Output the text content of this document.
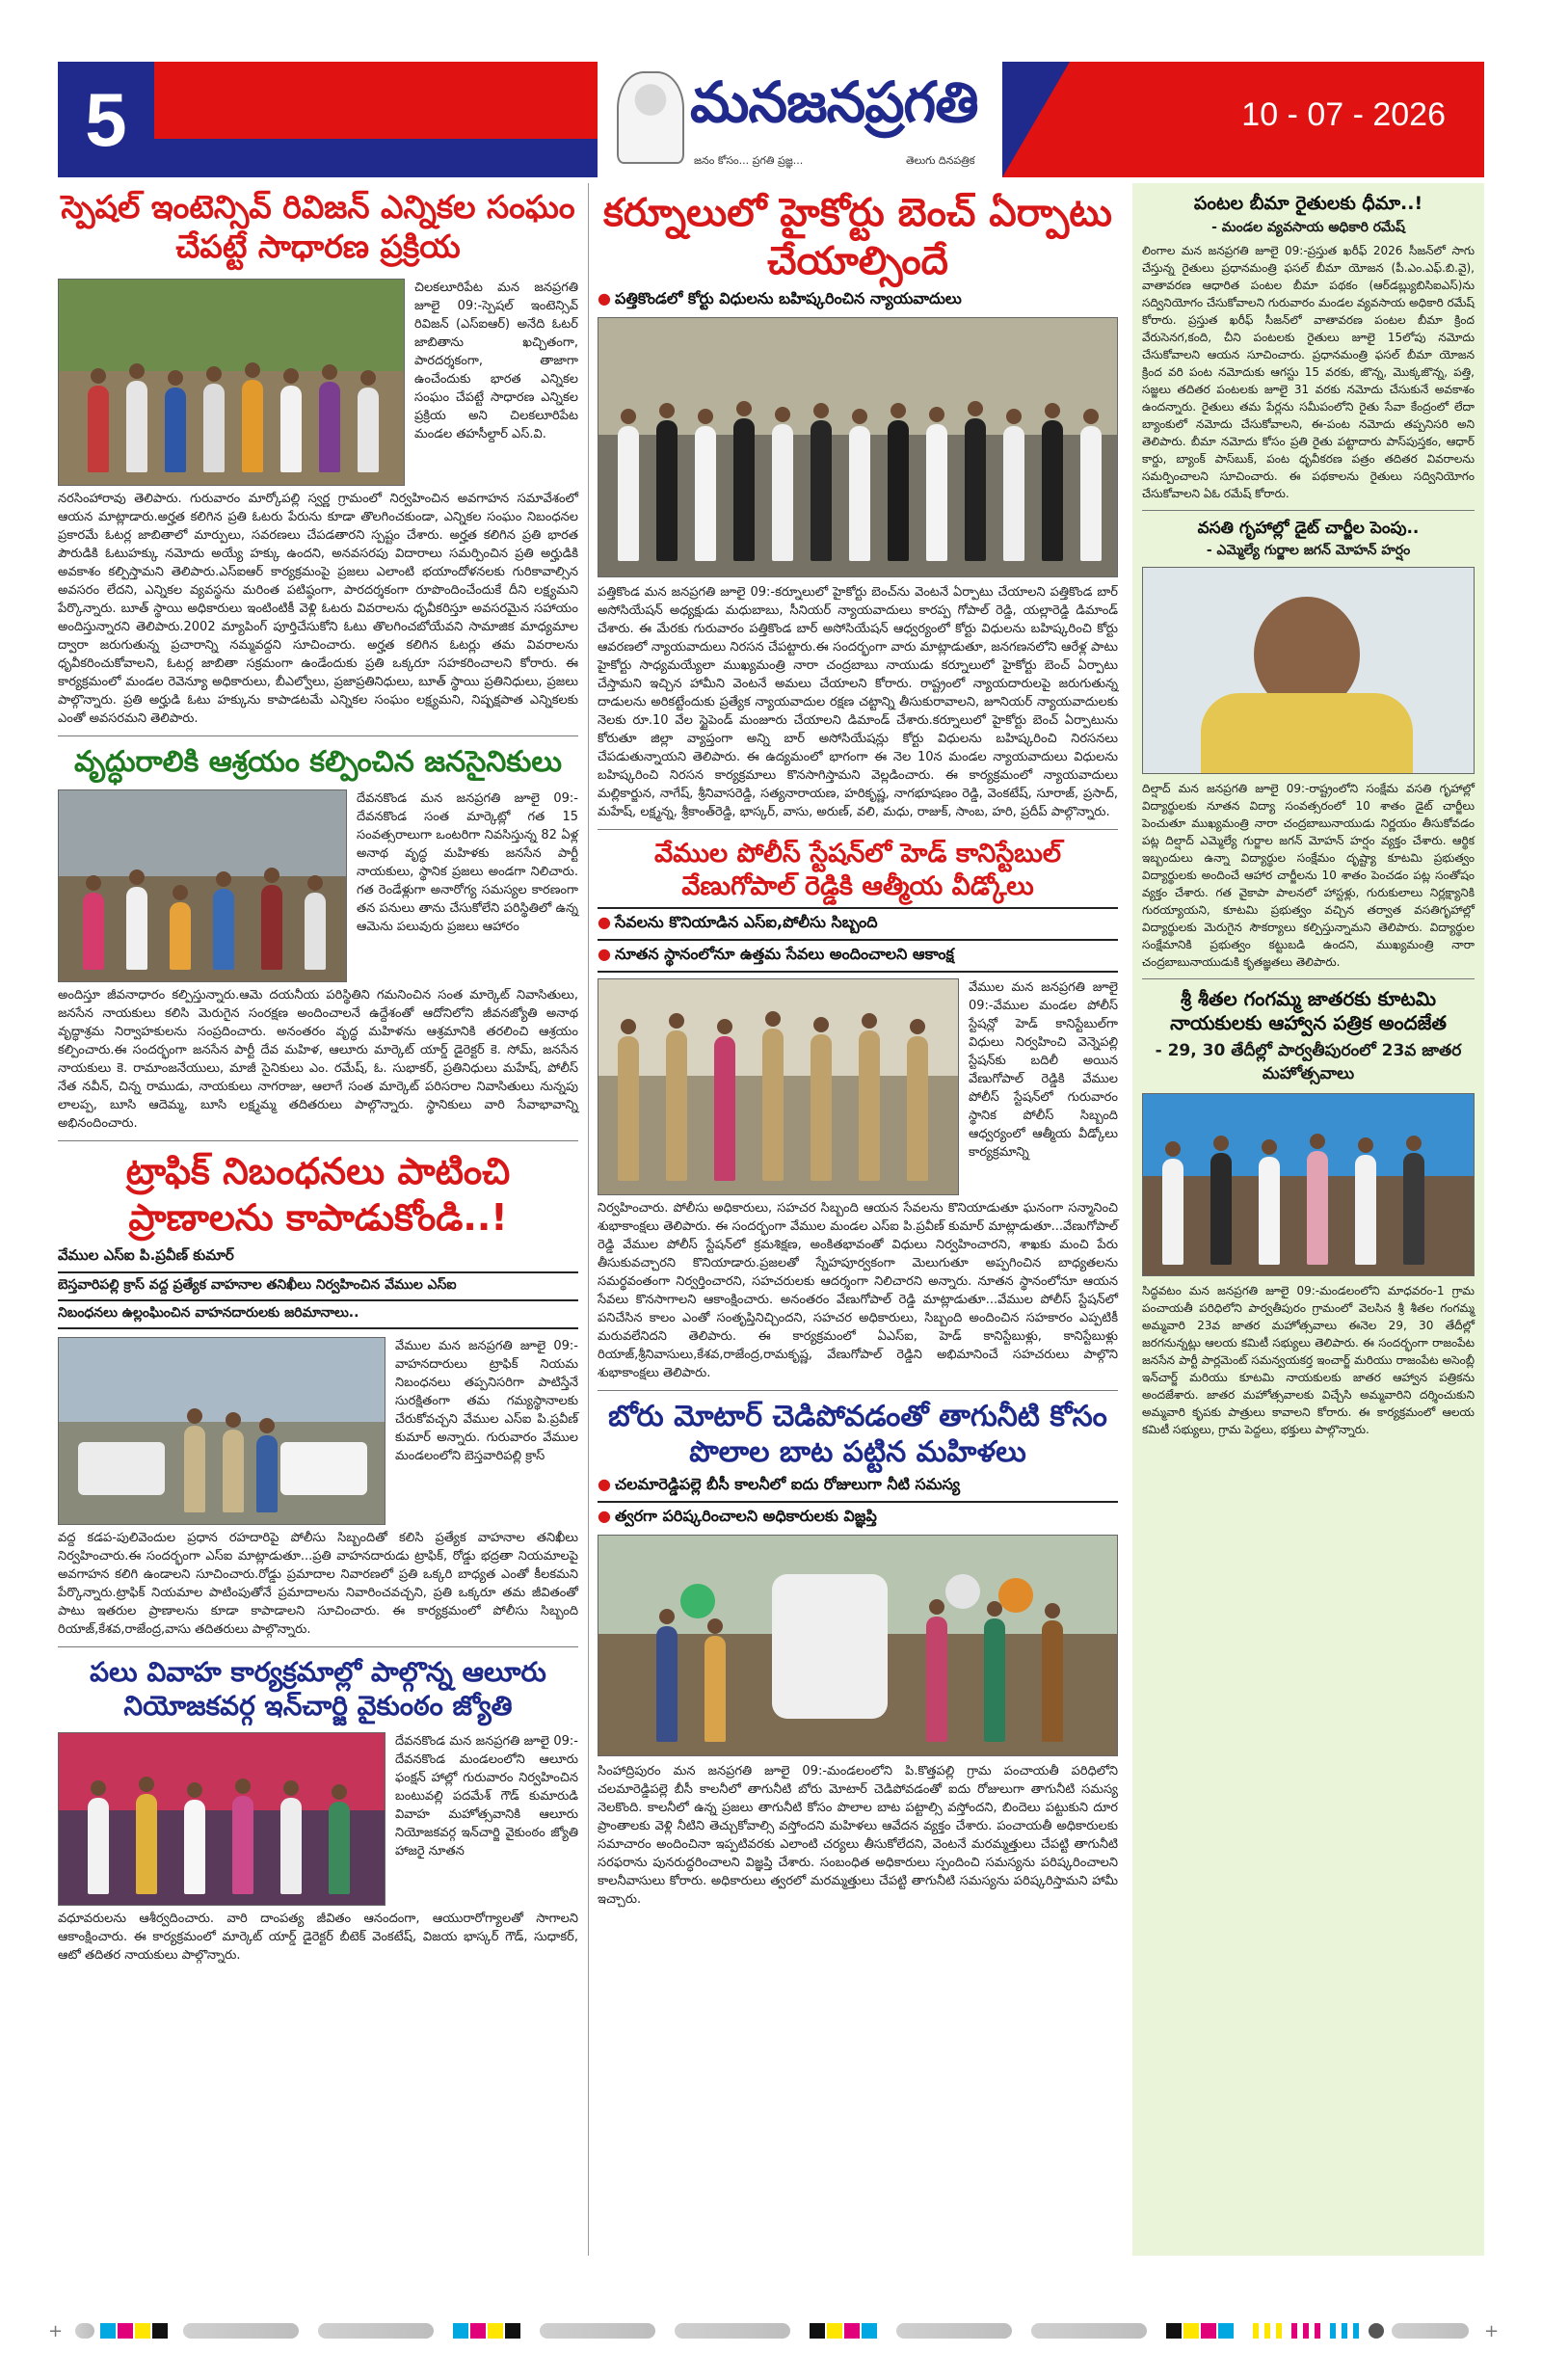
5	10 - 07 - 2026
మనజనప్రగతి
జనం కోసం... ప్రగతి ప్రజ్ఞ...	తెలుగు దినపత్రిక
స్పెషల్ ఇంటెన్సివ్ రివిజన్ ఎన్నికల సంఘం చేపట్టే సాధారణ ప్రక్రియ
చిలకలూరిపేట మన జనప్రగతి జూలై 09:-స్పెషల్ ఇంటెన్సివ్ రివిజన్ (ఎస్ఐఆర్) అనేది ఓటర్ జాబితాను ఖచ్చితంగా, పారదర్శకంగా, తాజాగా ఉంచేందుకు భారత ఎన్నికల సంఘం చేపట్టే సాధారణ ఎన్నికల ప్రక్రియ అని చిలకలూరిపేట మండల తహసీల్దార్ ఎస్.వి.
నరసింహారావు తెలిపారు. గురువారం మార్కోపల్లి స్వర్ణ గ్రామంలో నిర్వహించిన అవగాహన సమావేశంలో ఆయన మాట్లాడారు.అర్హత కలిగిన ప్రతి ఓటరు పేరును కూడా తొలగించకుండా, ఎన్నికల సంఘం నిబంధనల ప్రకారమే ఓటర్ల జాబితాలో మార్పులు, సవరణలు చేపడతారని స్పష్టం చేశారు. అర్హత కలిగిన ప్రతి భారత పౌరుడికి ఓటుహక్కు నమోదు అయ్యే హక్కు ఉందని, అనవసరపు విదారాలు సమర్పించిన ప్రతి అర్హుడికి అవకాశం కల్పిస్తామని తెలిపారు.ఎస్ఐఆర్ కార్యక్రమంపై ప్రజలు ఎలాంటి భయాందోళనలకు గురికావాల్సిన అవసరం లేదని, ఎన్నికల వ్యవస్థను మరింత పటిష్ఠంగా, పారదర్శకంగా రూపొందించేందుకే దీని లక్ష్యమని పేర్కొన్నారు. బూత్ స్థాయి అధికారులు ఇంటింటికీ వెళ్లి ఓటరు వివరాలను ధృవీకరిస్తూ అవసరమైన సహాయం అందిస్తున్నారని తెలిపారు.2002 మ్యాపింగ్ పూర్తిచేసుకోని ఓటు తొలగించబోయేవని సామాజిక మాధ్యమాల ద్వారా జరుగుతున్న ప్రచారాన్ని నమ్మవద్దని సూచించారు. అర్హత కలిగిన ఓటర్లు తమ వివరాలను ధృవీకరించుకోవాలని, ఓటర్ల జాబితా సక్రమంగా ఉండేందుకు ప్రతి ఒక్కరూ సహకరించాలని కోరారు. ఈ కార్యక్రమంలో మండల రెవెన్యూ అధికారులు, బీఎల్వోలు, ప్రజాప్రతినిధులు, బూత్ స్థాయి ప్రతినిధులు, ప్రజలు పాల్గొన్నారు. ప్రతి అర్హుడి ఓటు హక్కును కాపాడటమే ఎన్నికల సంఘం లక్ష్యమని, నిష్పక్షపాత ఎన్నికలకు ఎంతో అవసరమని తెలిపారు.
వృద్ధురాలికి ఆశ్రయం కల్పించిన జనసైనికులు
దేవనకొండ మన జనప్రగతి జూలై 09:-దేవనకొండ సంత మార్కెట్లో గత 15 సంవత్సరాలుగా ఒంటరిగా నివసిస్తున్న 82 ఏళ్ల అనాథ వృద్ధ మహిళకు జనసేన పార్టీ నాయకులు, స్థానిక ప్రజలు అండగా నిలిచారు. గత రెండేళ్లుగా అనారోగ్య సమస్యల కారణంగా తన పనులు తాను చేసుకోలేని పరిస్థితిలో ఉన్న ఆమెను పలువురు ప్రజలు ఆహారం
అందిస్తూ జీవనాధారం కల్పిస్తున్నారు.ఆమె దయనీయ పరిస్థితిని గమనించిన సంత మార్కెట్ నివాసితులు, జనసేన నాయకులు కలిసి మెరుగైన సంరక్షణ అందించాలనే ఉద్దేశంతో ఆదోనిలోని జీవనజ్యోతి అనాథ వృద్ధాశ్రమ నిర్వాహకులను సంప్రదించారు. అనంతరం వృద్ధ మహిళను ఆశ్రమానికి తరలించి ఆశ్రయం కల్పించారు.ఈ సందర్భంగా జనసేన పార్టీ దేవ మహిళ, ఆలూరు మార్కెట్ యార్డ్ డైరెక్టర్ కె. సోమ్, జనసేన నాయకులు కె. రామాంజనేయులు, మాజీ సైనికులు ఎం. రమేష్, ఓ. సుభాకర్, ప్రతినిధులు మహేష్, పోలీస్ నేత నవీన్, చిన్న రాముడు, నాయకులు నాగరాజు, ఆలాగే సంత మార్కెట్ పరిసరాల నివాసితులు నున్నపు లాలప్ప, బూసి ఆదెమ్మ, బూసి లక్ష్మమ్మ తదితరులు పాల్గొన్నారు. స్థానికులు వారి సేవాభావాన్ని అభినందించారు.
ట్రాఫిక్ నిబంధనలు పాటించి ప్రాణాలను కాపాడుకోండి..!
వేముల ఎస్ఐ పి.ప్రవీణ్ కుమార్
బెస్తవారిపల్లి క్రాస్ వద్ద ప్రత్యేక వాహనాల తనిఖీలు నిర్వహించిన వేముల ఎస్ఐ
నిబంధనలు ఉల్లంఘించిన వాహనదారులకు జరిమానాలు..
వేముల మన జనప్రగతి జూలై 09:-వాహనదారులు ట్రాఫిక్ నియమ నిబంధనలు తప్పనిసరిగా పాటిస్తేనే సురక్షితంగా తమ గమ్యస్థానాలకు చేరుకోవచ్చని వేముల ఎస్ఐ పి.ప్రవీణ్ కుమార్ అన్నారు. గురువారం వేముల మండలంలోని బెస్తవారిపల్లి క్రాస్
వద్ద కడప-పులివెందుల ప్రధాన రహదారిపై పోలీసు సిబ్బందితో కలిసి ప్రత్యేక వాహనాల తనిఖీలు నిర్వహించారు.ఈ సందర్భంగా ఎస్ఐ మాట్లాడుతూ...ప్రతి వాహనదారుడు ట్రాఫిక్, రోడ్డు భద్రతా నియమాలపై అవగాహన కలిగి ఉండాలని సూచించారు.రోడ్డు ప్రమాదాల నివారణలో ప్రతి ఒక్కరి బాధ్యత ఎంతో కీలకమని పేర్కొన్నారు.ట్రాఫిక్ నియమాల పాటింపుతోనే ప్రమాదాలను నివారించవచ్చని, ప్రతి ఒక్కరూ తమ జీవితంతో పాటు ఇతరుల ప్రాణాలను కూడా కాపాడాలని సూచించారు. ఈ కార్యక్రమంలో పోలీసు సిబ్బంది రియాజ్,కేశవ,రాజేంద్ర,వాసు తదితరులు పాల్గొన్నారు.
పలు వివాహ కార్యక్రమాల్లో పాల్గొన్న ఆలూరు నియోజకవర్గ ఇన్‌చార్జి వైకుంఠం జ్యోతి
దేవనకొండ మన జనప్రగతి జూలై 09:-దేవనకొండ మండలంలోని ఆలూరు ఫంక్షన్ హాల్లో గురువారం నిర్వహించిన బంటువల్లి పదమేశ్ గౌడ్ కుమారుడి వివాహ మహోత్సవానికి ఆలూరు నియోజకవర్గ ఇన్‌చార్జి వైకుంఠం జ్యోతి హాజరై నూతన
వధూవరులను ఆశీర్వదించారు. వారి దాంపత్య జీవితం ఆనందంగా, ఆయురారోగ్యాలతో సాగాలని ఆకాంక్షించారు. ఈ కార్యక్రమంలో మార్కెట్ యార్డ్ డైరెక్టర్ బీటెక్ వెంకటేష్, విజయ భాస్కర్ గౌడ్, సుధాకర్, ఆటో తదితర నాయకులు పాల్గొన్నారు.
కర్నూలులో హైకోర్టు బెంచ్ ఏర్పాటు చేయాల్సిందే
● పత్తికొండలో కోర్టు విధులను బహిష్కరించిన న్యాయవాదులు
పత్తికొండ మన జనప్రగతి జూలై 09:-కర్నూలులో హైకోర్టు బెంచ్‌ను వెంటనే ఏర్పాటు చేయాలని పత్తికొండ బార్ అసోసియేషన్ అధ్యక్షుడు మధుబాబు, సీనియర్ న్యాయవాదులు కారప్ప గోపాల్ రెడ్డి, యల్లారెడ్డి డిమాండ్ చేశారు. ఈ మేరకు గురువారం పత్తికొండ బార్ అసోసియేషన్ ఆధ్వర్యంలో కోర్టు విధులను బహిష్కరించి కోర్టు ఆవరణలో న్యాయవాదులు నిరసన చేపట్టారు.ఈ సందర్భంగా వారు మాట్లాడుతూ, జనగణనలోని ఆరేళ్ల పాటు హైకోర్టు సాధ్యమయ్యేలా ముఖ్యమంత్రి నారా చంద్రబాబు నాయుడు కర్నూలులో హైకోర్టు బెంచ్ ఏర్పాటు చేస్తామని ఇచ్చిన హామీని వెంటనే అమలు చేయాలని కోరారు. రాష్ట్రంలో న్యాయదారులపై జరుగుతున్న దాడులను అరికట్టేందుకు ప్రత్యేక న్యాయవాదుల రక్షణ చట్టాన్ని తీసుకురావాలని, జూనియర్ న్యాయవాదులకు నెలకు రూ.10 వేల స్టైపెండ్ మంజూరు చేయాలని డిమాండ్ చేశారు.కర్నూలులో హైకోర్టు బెంచ్ ఏర్పాటును కోరుతూ జిల్లా వ్యాప్తంగా అన్ని బార్ అసోసియేషన్లు కోర్టు విధులను బహిష్కరించి నిరసనలు చేపడుతున్నాయని తెలిపారు. ఈ ఉద్యమంలో భాగంగా ఈ నెల 10న మండల న్యాయవాదులు విధులను బహిష్కరించి నిరసన కార్యక్రమాలు కొనసాగిస్తామని వెల్లడించారు. ఈ కార్యక్రమంలో న్యాయవాదులు మల్లికార్జున, నాగేష్, శ్రీనివాసరెడ్డి, సత్యనారాయణ, హరికృష్ణ, నాగభూషణం రెడ్డి, వెంకటేష్, సూరాజ్, ప్రసాద్, మహేష్, లక్ష్మన్న, శ్రీకాంత్‌రెడ్డి, భాస్కర్, వాసు, అరుణ్, వలి, మధు, రాజుక్, సాంబ, హరి, ప్రదీప్ పాల్గొన్నారు.
వేముల పోలీస్ స్టేషన్‌లో హెడ్ కానిస్టేబుల్ వేణుగోపాల్ రెడ్డికి ఆత్మీయ వీడ్కోలు
● సేవలను కొనియాడిన ఎస్ఐ,పోలీసు సిబ్బంది
● నూతన స్థానంలోనూ ఉత్తమ సేవలు అందించాలని ఆకాంక్ష
వేముల మన జనప్రగతి జూలై 09:-వేముల మండల పోలీస్ స్టేషన్లో హెడ్ కానిస్టేబుల్‌గా విధులు నిర్వహించి వెన్నెపల్లి స్టేషన్‌కు బదిలీ అయిన వేణుగోపాల్ రెడ్డికి వేముల పోలీస్ స్టేషన్‌లో గురువారం స్థానిక పోలీస్ సిబ్బంది ఆధ్వర్యంలో ఆత్మీయ వీడ్కోలు కార్యక్రమాన్ని
నిర్వహించారు. పోలీసు అధికారులు, సహచర సిబ్బంది ఆయన సేవలను కొనియాడుతూ ఘనంగా సన్మానించి శుభాకాంక్షలు తెలిపారు. ఈ సందర్భంగా వేముల మండల ఎస్ఐ పి.ప్రవీణ్ కుమార్ మాట్లాడుతూ...వేణుగోపాల్ రెడ్డి వేముల పోలీస్ స్టేషన్‌లో క్రమశిక్షణ, అంకితభావంతో విధులు నిర్వహించారని, శాఖకు మంచి పేరు తీసుకువచ్చారని కొనియాడారు.ప్రజలతో స్నేహపూర్వకంగా మెలుగుతూ అప్పగించిన బాధ్యతలను సమర్థవంతంగా నిర్వర్తించారని, సహచరులకు ఆదర్శంగా నిలిచారని అన్నారు. నూతన స్థానంలోనూ ఆయన సేవలు కొనసాగాలని ఆకాంక్షించారు. అనంతరం వేణుగోపాల్ రెడ్డి మాట్లాడుతూ...వేముల పోలీస్ స్టేషన్‌లో పనిచేసిన కాలం ఎంతో సంతృప్తినిచ్చిందని, సహచర అధికారులు, సిబ్బంది అందించిన సహకారం ఎప్పటికీ మరువలేనిదని తెలిపారు. ఈ కార్యక్రమంలో ఏఎస్ఐ, హెడ్ కానిస్టేబుళ్లు, కానిస్టేబుళ్లు రియాజ్,శ్రీనివాసులు,కేశవ,రాజేంద్ర,రామకృష్ణ, వేణుగోపాల్ రెడ్డిని అభిమానించే సహచరులు పాల్గొని శుభాకాంక్షలు తెలిపారు.
బోరు మోటార్ చెడిపోవడంతో తాగునీటి కోసం పొలాల బాట పట్టిన మహిళలు
● చలమారెడ్డిపల్లె బీసీ కాలనీలో ఐదు రోజులుగా నీటి సమస్య
● త్వరగా పరిష్కరించాలని అధికారులకు విజ్ఞప్తి
సింహాద్రిపురం మన జనప్రగతి జూలై 09:-మండలంలోని పి.కొత్తపల్లి గ్రామ పంచాయతీ పరిధిలోని చలమారెడ్డిపల్లె బీసీ కాలనీలో తాగునీటి బోరు మోటార్ చెడిపోవడంతో ఐదు రోజులుగా తాగునీటి సమస్య నెలకొంది. కాలనీలో ఉన్న ప్రజలు తాగునీటి కోసం పొలాల బాట పట్టాల్సి వస్తోందని, బిందెలు పట్టుకుని దూర ప్రాంతాలకు వెళ్లి నీటిని తెచ్చుకోవాల్సి వస్తోందని మహిళలు ఆవేదన వ్యక్తం చేశారు. పంచాయతీ అధికారులకు సమాచారం అందించినా ఇప్పటివరకు ఎలాంటి చర్యలు తీసుకోలేదని, వెంటనే మరమ్మత్తులు చేపట్టి తాగునీటి సరఫరాను పునరుద్ధరించాలని విజ్ఞప్తి చేశారు. సంబంధిత అధికారులు స్పందించి సమస్యను పరిష్కరించాలని కాలనీవాసులు కోరారు. అధికారులు త్వరలో మరమ్మత్తులు చేపట్టి తాగునీటి సమస్యను పరిష్కరిస్తామని హామీ ఇచ్చారు.
పంటల బీమా రైతులకు ధీమా..!
- మండల వ్యవసాయ అధికారి రమేష్
లింగాల మన జనప్రగతి జూలై 09:-ప్రస్తుత ఖరీఫ్ 2026 సీజన్‌లో సాగు చేస్తున్న రైతులు ప్రధానమంత్రి ఫసల్ బీమా యోజన (పీ.ఎం.ఎఫ్.బి.వై), వాతావరణ ఆధారిత పంటల బీమా పథకం (ఆర్‌డబ్ల్యుబిసిఐఎస్)ను సద్వినియోగం చేసుకోవాలని గురువారం మండల వ్యవసాయ అధికారి రమేష్ కోరారు. ప్రస్తుత ఖరీఫ్ సీజన్‌లో వాతావరణ పంటల బీమా క్రింద వేరుసెనగ,కంది, చీని పంటలకు రైతులు జూలై 15లోపు నమోదు చేసుకోవాలని ఆయన సూచించారు. ప్రధానమంత్రి ఫసల్ బీమా యోజన క్రింద వరి పంట నమోదుకు ఆగస్టు 15 వరకు, జొన్న, మొక్కజొన్న, పత్తి, సజ్జలు తదితర పంటలకు జూలై 31 వరకు నమోదు చేసుకునే అవకాశం ఉందన్నారు. రైతులు తమ పేర్లను సమీపంలోని రైతు సేవా కేంద్రంలో లేదా బ్యాంకులో నమోదు చేసుకోవాలని, ఈ-పంట నమోదు తప్పనిసరి అని తెలిపారు. బీమా నమోదు కోసం ప్రతి రైతు పట్టాదారు పాస్‌పుస్తకం, ఆధార్ కార్డు, బ్యాంక్ పాస్‌బుక్, పంట ధృవీకరణ పత్రం తదితర వివరాలను సమర్పించాలని సూచించారు. ఈ పథకాలను రైతులు సద్వినియోగం చేసుకోవాలని ఏఓ రమేష్ కోరారు.
వసతి గృహాల్లో డైట్ చార్జీల పెంపు..
- ఎమ్మెల్యే గుర్జాల జగన్ మోహన్ హర్షం
దిల్షాద్ మన జనప్రగతి జూలై 09:-రాష్ట్రంలోని సంక్షేమ వసతి గృహాల్లో విద్యార్థులకు నూతన విద్యా సంవత్సరంలో 10 శాతం డైట్ చార్జీలు పెంచుతూ ముఖ్యమంత్రి నారా చంద్రబాబునాయుడు నిర్ణయం తీసుకోవడం పట్ల దిల్షాద్ ఎమ్మెల్యే గుర్జాల జగన్ మోహన్ హర్షం వ్యక్తం చేశారు. ఆర్థిక ఇబ్బందులు ఉన్నా విద్యార్థుల సంక్షేమం దృష్ట్యా కూటమి ప్రభుత్వం విద్యార్థులకు అందించే ఆహార చార్జీలను 10 శాతం పెంచడం పట్ల సంతోషం వ్యక్తం చేశారు. గత వైకాపా పాలనలో హాస్టళ్లు, గురుకులాలు నిర్లక్ష్యానికి గురయ్యాయని, కూటమి ప్రభుత్వం వచ్చిన తర్వాత వసతిగృహాల్లో విద్యార్థులకు మెరుగైన సౌకర్యాలు కల్పిస్తున్నామని తెలిపారు. విద్యార్థుల సంక్షేమానికి ప్రభుత్వం కట్టుబడి ఉందని, ముఖ్యమంత్రి నారా చంద్రబాబునాయుడుకి కృతజ్ఞతలు తెలిపారు.
శ్రీ శీతల గంగమ్మ జాతరకు కూటమి నాయకులకు ఆహ్వాన పత్రిక అందజేత
- 29, 30 తేదీల్లో పార్వతీపురంలో 23వ జాతర మహోత్సవాలు
సిద్ధవటం మన జనప్రగతి జూలై 09:-మండలంలోని మాధవరం-1 గ్రామ పంచాయతీ పరిధిలోని పార్వతీపురం గ్రామంలో వెలసిన శ్రీ శీతల గంగమ్మ అమ్మవారి 23వ జాతర మహోత్సవాలు ఈనెల 29, 30 తేదీల్లో జరగనున్నట్లు ఆలయ కమిటీ సభ్యులు తెలిపారు. ఈ సందర్భంగా రాజంపేట జనసేన పార్టీ పార్లమెంట్ సమన్వయకర్త ఇంచార్జ్ మరియు రాజంపేట అసెంబ్లీ ఇన్‌చార్జ్ మరియు కూటమి నాయకులకు జాతర ఆహ్వాన పత్రికను అందజేశారు. జాతర మహోత్సవాలకు విచ్చేసి అమ్మవారిని దర్శించుకుని అమ్మవారి కృపకు పాత్రులు కావాలని కోరారు. ఈ కార్యక్రమంలో ఆలయ కమిటీ సభ్యులు, గ్రామ పెద్దలు, భక్తులు పాల్గొన్నారు.
+	+
